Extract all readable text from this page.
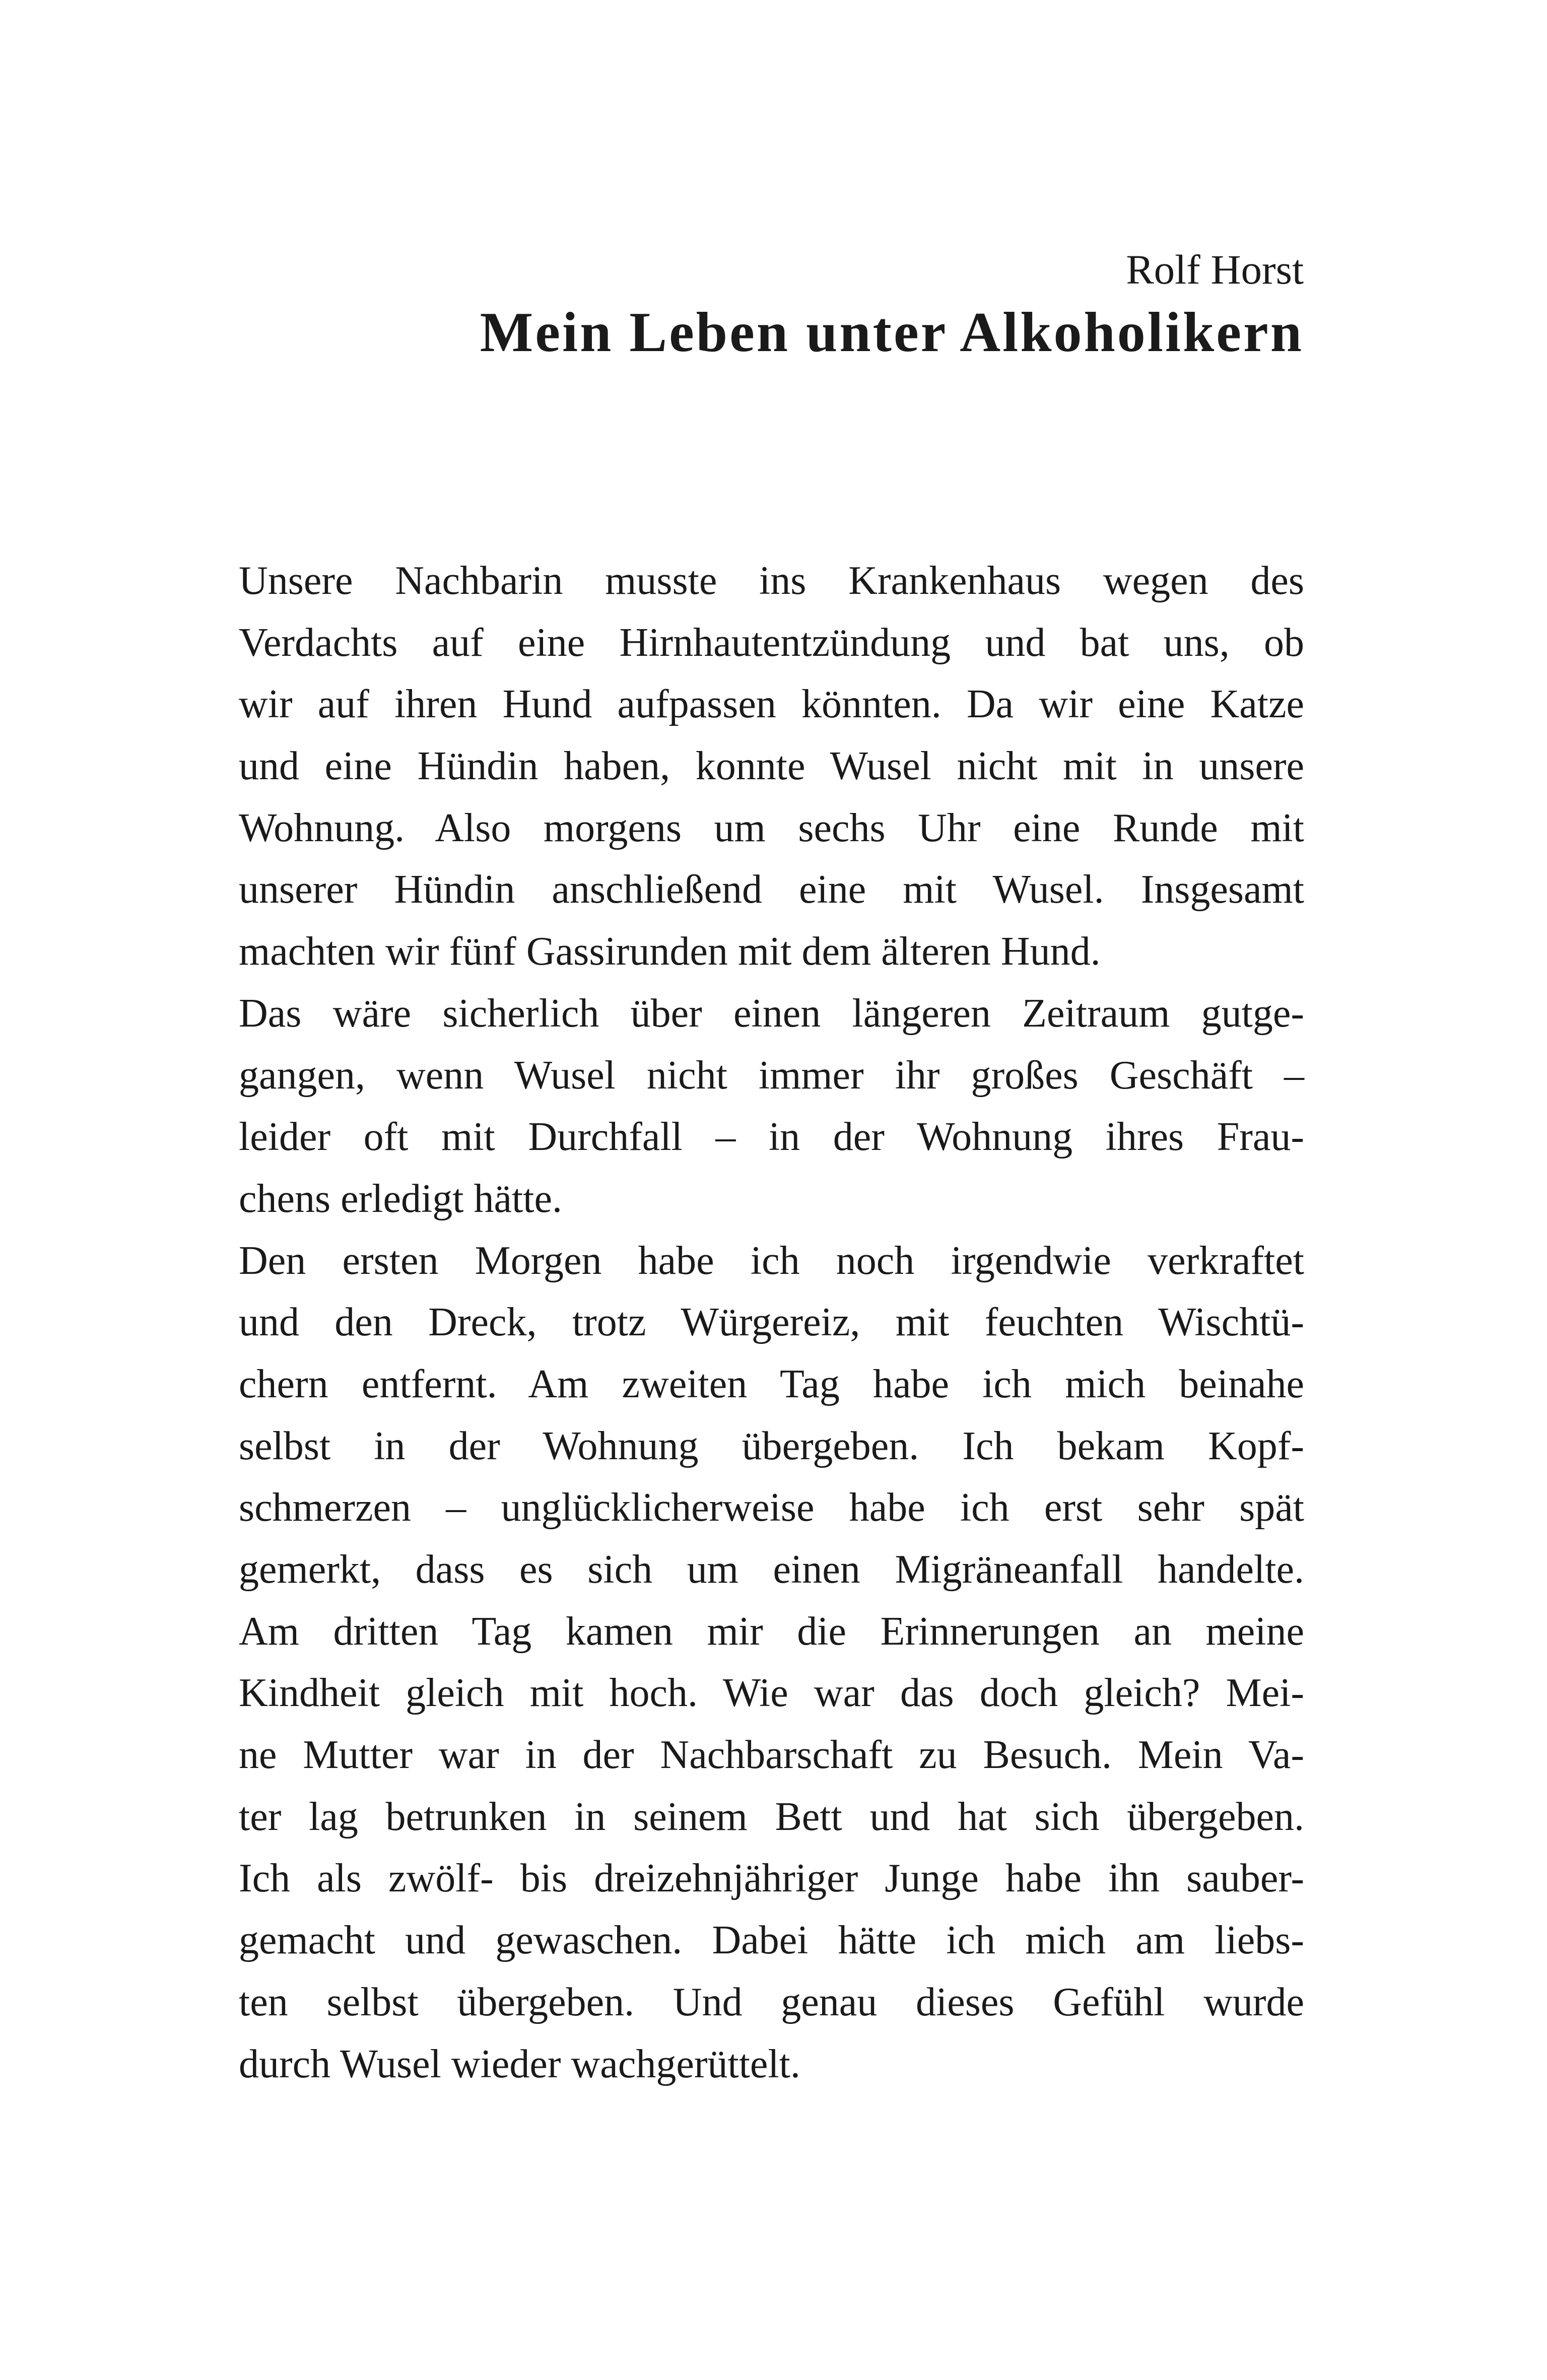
Rolf Horst
Mein Leben unter Alkoholikern
Unsere Nachbarin musste ins Krankenhaus wegen des
Verdachts auf eine Hirnhautentzündung und bat uns, ob
wir auf ihren Hund aufpassen könnten. Da wir eine Katze
und eine Hündin haben, konnte Wusel nicht mit in unsere
Wohnung. Also morgens um sechs Uhr eine Runde mit
unserer Hündin anschließend eine mit Wusel. Insgesamt
machten wir fünf Gassirunden mit dem älteren Hund.
Das wäre sicherlich über einen längeren Zeitraum gutge-
gangen, wenn Wusel nicht immer ihr großes Geschäft –
leider oft mit Durchfall – in der Wohnung ihres Frau-
chens erledigt hätte.
Den ersten Morgen habe ich noch irgendwie verkraftet
und den Dreck, trotz Würgereiz, mit feuchten Wischtü-
chern entfernt. Am zweiten Tag habe ich mich beinahe
selbst in der Wohnung übergeben. Ich bekam Kopf-
schmerzen – unglücklicherweise habe ich erst sehr spät
gemerkt, dass es sich um einen Migräneanfall handelte.
Am dritten Tag kamen mir die Erinnerungen an meine
Kindheit gleich mit hoch. Wie war das doch gleich? Mei-
ne Mutter war in der Nachbarschaft zu Besuch. Mein Va-
ter lag betrunken in seinem Bett und hat sich übergeben.
Ich als zwölf- bis dreizehnjähriger Junge habe ihn sauber-
gemacht und gewaschen. Dabei hätte ich mich am liebs-
ten selbst übergeben. Und genau dieses Gefühl wurde
durch Wusel wieder wachgerüttelt.
